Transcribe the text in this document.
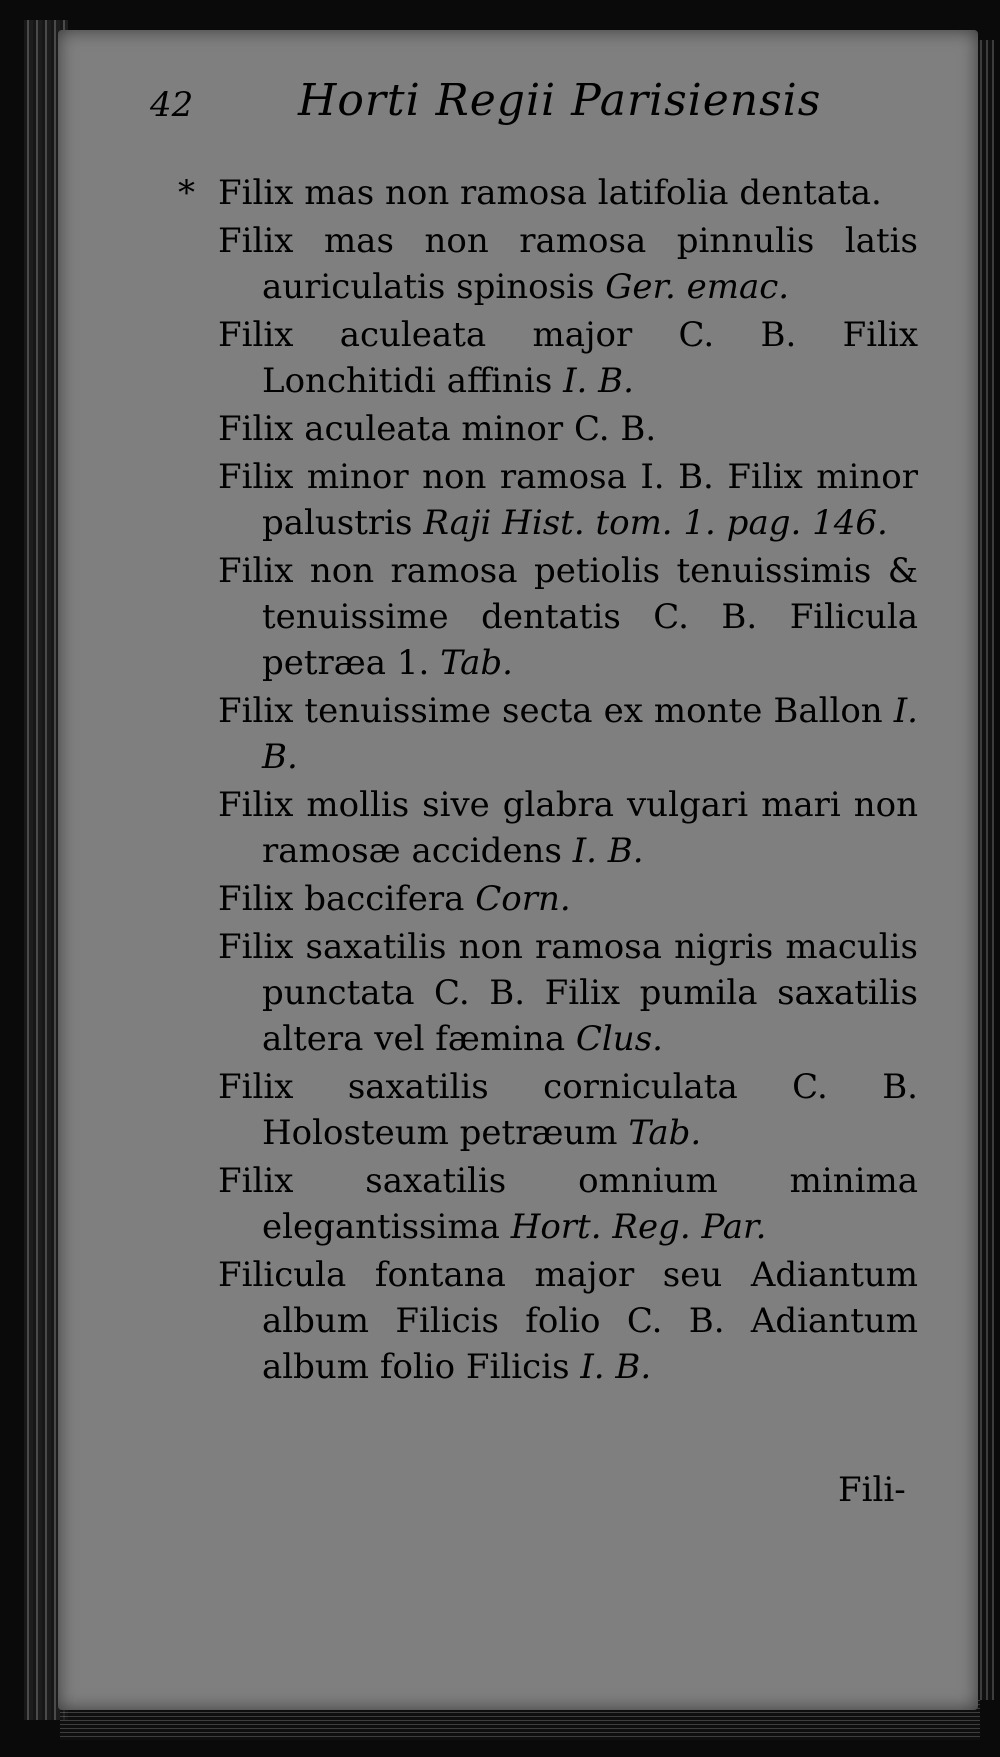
42 Horti Regii Parisiensis

* Filix mas non ramosa latifolia dentata.

Filix mas non ramosa pinnulis latis auriculatis spinosis Ger. emac.

Filix aculeata major C. B. Filix Lonchitidi affinis I. B.

Filix aculeata minor C. B.

Filix minor non ramosa I. B. Filix minor palustris Raji Hist. tom. 1. pag. 146.

Filix non ramosa petiolis tenuissimis & tenuissime dentatis C. B. Filicula petræa 1. Tab.

Filix tenuissime secta ex monte Ballon I. B.

Filix mollis sive glabra vulgari mari non ramosæ accidens I. B.

Filix baccifera Corn.

Filix saxatilis non ramosa nigris maculis punctata C. B. Filix pumila saxatilis altera vel fæmina Clus.

Filix saxatilis corniculata C. B. Holosteum petræum Tab.

Filix saxatilis omnium minima elegantissima Hort. Reg. Par.

Filicula fontana major seu Adiantum album Filicis folio C. B. Adiantum album folio Filicis I. B.

Fili-
